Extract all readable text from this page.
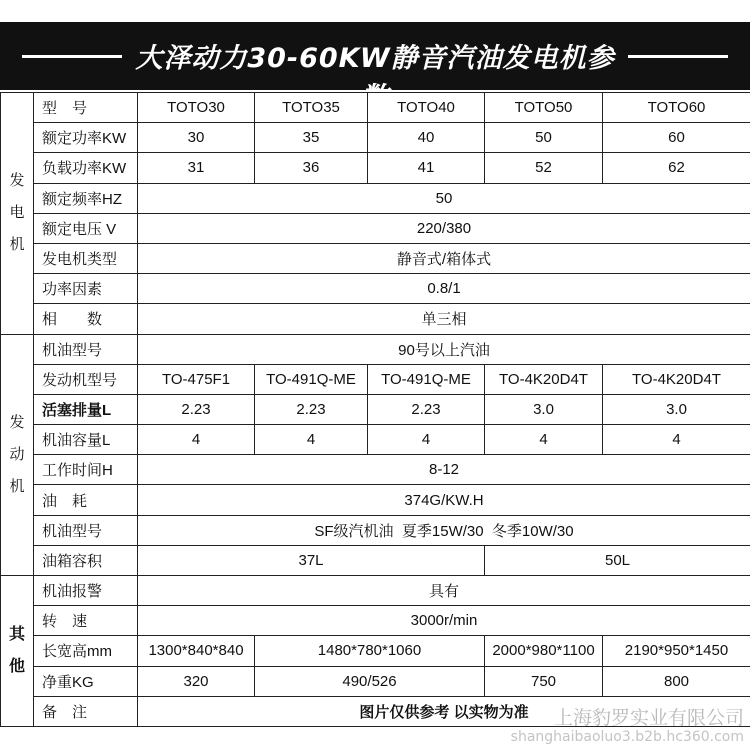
大泽动力30-60KW静音汽油发电机参数
发
电
机	型　号	TOTO30	TOTO35	TOTO40	TOTO50	TOTO60
	额定功率KW	30	35	40	50	60
	负载功率KW	31	36	41	52	62
	额定频率HZ	50				
	额定电压 V	220/380				
	发电机类型	静音式/箱体式				
	功率因素	0.8/1				
	相　　数	单三相				

发
动
机	机油型号	90号以上汽油				
	发动机型号	TO-475F1	TO-491Q-ME	TO-491Q-ME	TO-4K20D4T	TO-4K20D4T
	活塞排量L	2.23	2.23	2.23	3.0	3.0
	机油容量L	4	4	4	4	4
	工作时间H	8-12				
	油　耗	374G/KW.H				
	机油型号	SF级汽机油  夏季15W/30  冬季10W/30				
	油箱容积	37L			50L	

其
他	机油报警	具有				
	转　速	3000r/min				
	长宽高mm	1300*840*840	1480*780*1060		2000*980*1100	2190*950*1450
	净重KG	320	490/526		750	800
	备　注	图片仅供参考 以实物为准				上海豹罗实业有限公司
shanghaibaoluo3.b2b.hc360.com
